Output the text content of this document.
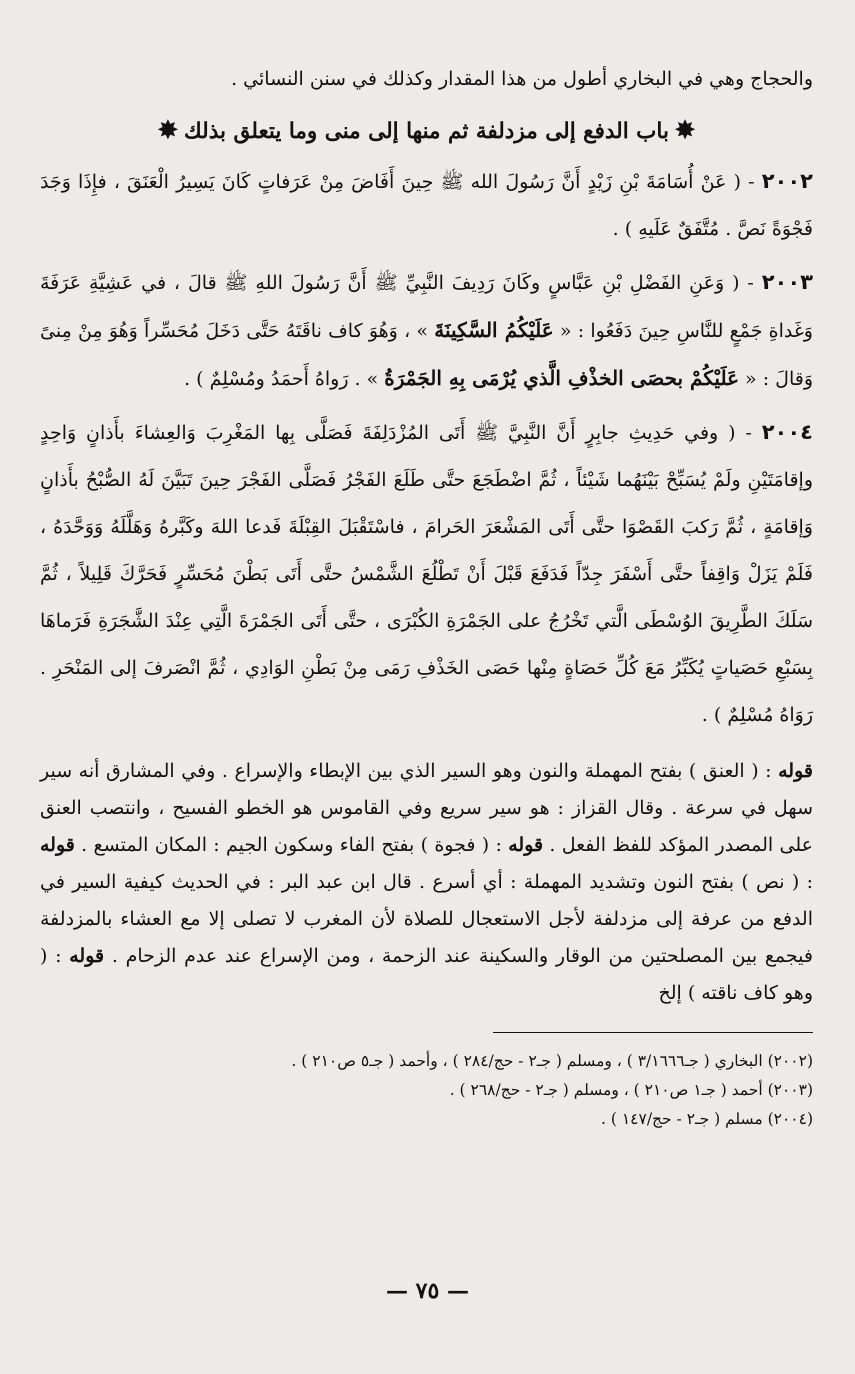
والحجاج وهي في البخاري أطول من هذا المقدار وكذلك في سنن النسائي .

✸باب الدفع إلى مزدلفة ثم منها إلى منى وما يتعلق بذلك✸

٢٠٠٢ - ( عَنْ أُسَامَةَ بْنِ زَيْدٍ أَنَّ رَسُولَ الله ﷺ حِينَ أَفَاضَ مِنْ عَرَفاتٍ كَانَ يَسِيرُ الْعَنَقَ ، فإِذَا وَجَدَ فَجْوَةً نَصَّ . مُتَّفَقٌ عَلَيهِ ) .

٢٠٠٣ - ( وَعَنِ الفَضْلِ بْنِ عَبَّاسٍ وكَانَ رَدِيفَ النَّبِيِّ ﷺ أَنَّ رَسُولَ اللهِ ﷺ قالَ ، في عَشِيَّةِ عَرَفَةَ وَغَداةِ جَمْعٍ للنَّاسِ حِينَ دَفَعُوا : « عَلَيْكُمُ السَّكِينَةَ » ، وَهُوَ كاف ناقَتَهُ حَتَّى دَخَلَ مُحَسِّراً وَهُوَ مِنْ مِنىً وَقالَ : « عَلَيْكُمْ بحصَى الخذْفِ الَّذي يُرْمَى بِهِ الجَمْرَةُ » . رَواهُ أَحمَدُ ومُسْلِمٌ ) .

٢٠٠٤ - ( وفي حَدِيثِ جابِرٍ أَنَّ النَّبِيَّ ﷺ أَتَى المُزْدَلِفَةَ فَصَلَّى بِها المَغْرِبَ وَالعِشاءَ بأَذانٍ وَاحِدٍ وإقامَتَيْنِ ولَمْ يُسَبِّحْ بَيْنَهُما شَيْئاً ، ثُمَّ اضْطَجَعَ حتَّى طَلَعَ الفَجْرُ فَصَلَّى الفَجْرَ حِينَ تَبَيَّنَ لَهُ الصُّبْحُ بأَذانٍ وَإقامَةٍ ، ثُمَّ رَكبَ القَصْوَا حتَّى أَتَى المَشْعَرَ الحَرامَ ، فاسْتَقْبَلَ القِبْلَةَ فَدعا اللهَ وكَبَّرهُ وَهَلَّلَهُ وَوَحَّدَهُ ، فَلَمْ يَزَلْ وَاقِفاً حتَّى أَسْفَرَ جِدّاً فَدَفَعَ قَبْلَ أَنْ تَطْلُعَ الشَّمْسُ حتَّى أَتَى بَطْنَ مُحَسِّرٍ فَحَرَّكَ قَلِيلاً ، ثُمَّ سَلَكَ الطَّرِيقَ الوُسْطَى الَّتي تَخْرُجُ على الجَمْرَةِ الكُبْرَى ، حتَّى أَتَى الجَمْرَةَ الَّتِي عِنْدَ الشَّجَرَةِ فَرَماهَا بِسَبْعِ حَصَياتٍ يُكَبِّرُ مَعَ كُلِّ حَصَاةٍ مِنْها حَصَى الخَذْفِ رَمَى مِنْ بَطْنِ الوَادِي ، ثُمَّ انْصَرفَ إلى المَنْحَرِ . رَوَاهُ مُسْلِمٌ ) .

قوله : ( العنق ) بفتح المهملة والنون وهو السير الذي بين الإبطاء والإسراع . وفي المشارق أنه سير سهل في سرعة . وقال القزاز : هو سير سريع وفي القاموس هو الخطو الفسيح ، وانتصب العنق على المصدر المؤكد للفظ الفعل . قوله : ( فجوة ) بفتح الفاء وسكون الجيم : المكان المتسع . قوله : ( نص ) بفتح النون وتشديد المهملة : أي أسرع . قال ابن عبد البر : في الحديث كيفية السير في الدفع من عرفة إلى مزدلفة لأجل الاستعجال للصلاة لأن المغرب لا تصلى إلا مع العشاء بالمزدلفة فيجمع بين المصلحتين من الوقار والسكينة عند الزحمة ، ومن الإسراع عند عدم الزحام . قوله : ( وهو كاف ناقته ) إلخ

(٢٠٠٢) البخاري ( جـ٣/١٦٦٦ ) ، ومسلم ( جـ٢ - حج/٢٨٤ ) ، وأحمد ( جـ٥ ص٢١٠ ) .

(٢٠٠٣) أحمد ( جـ١ ص٢١٠ ) ، ومسلم ( جـ٢ - حج/٢٦٨ ) .

(٢٠٠٤) مسلم ( جـ٢ - حج/١٤٧ ) .

— ٧٥ —
